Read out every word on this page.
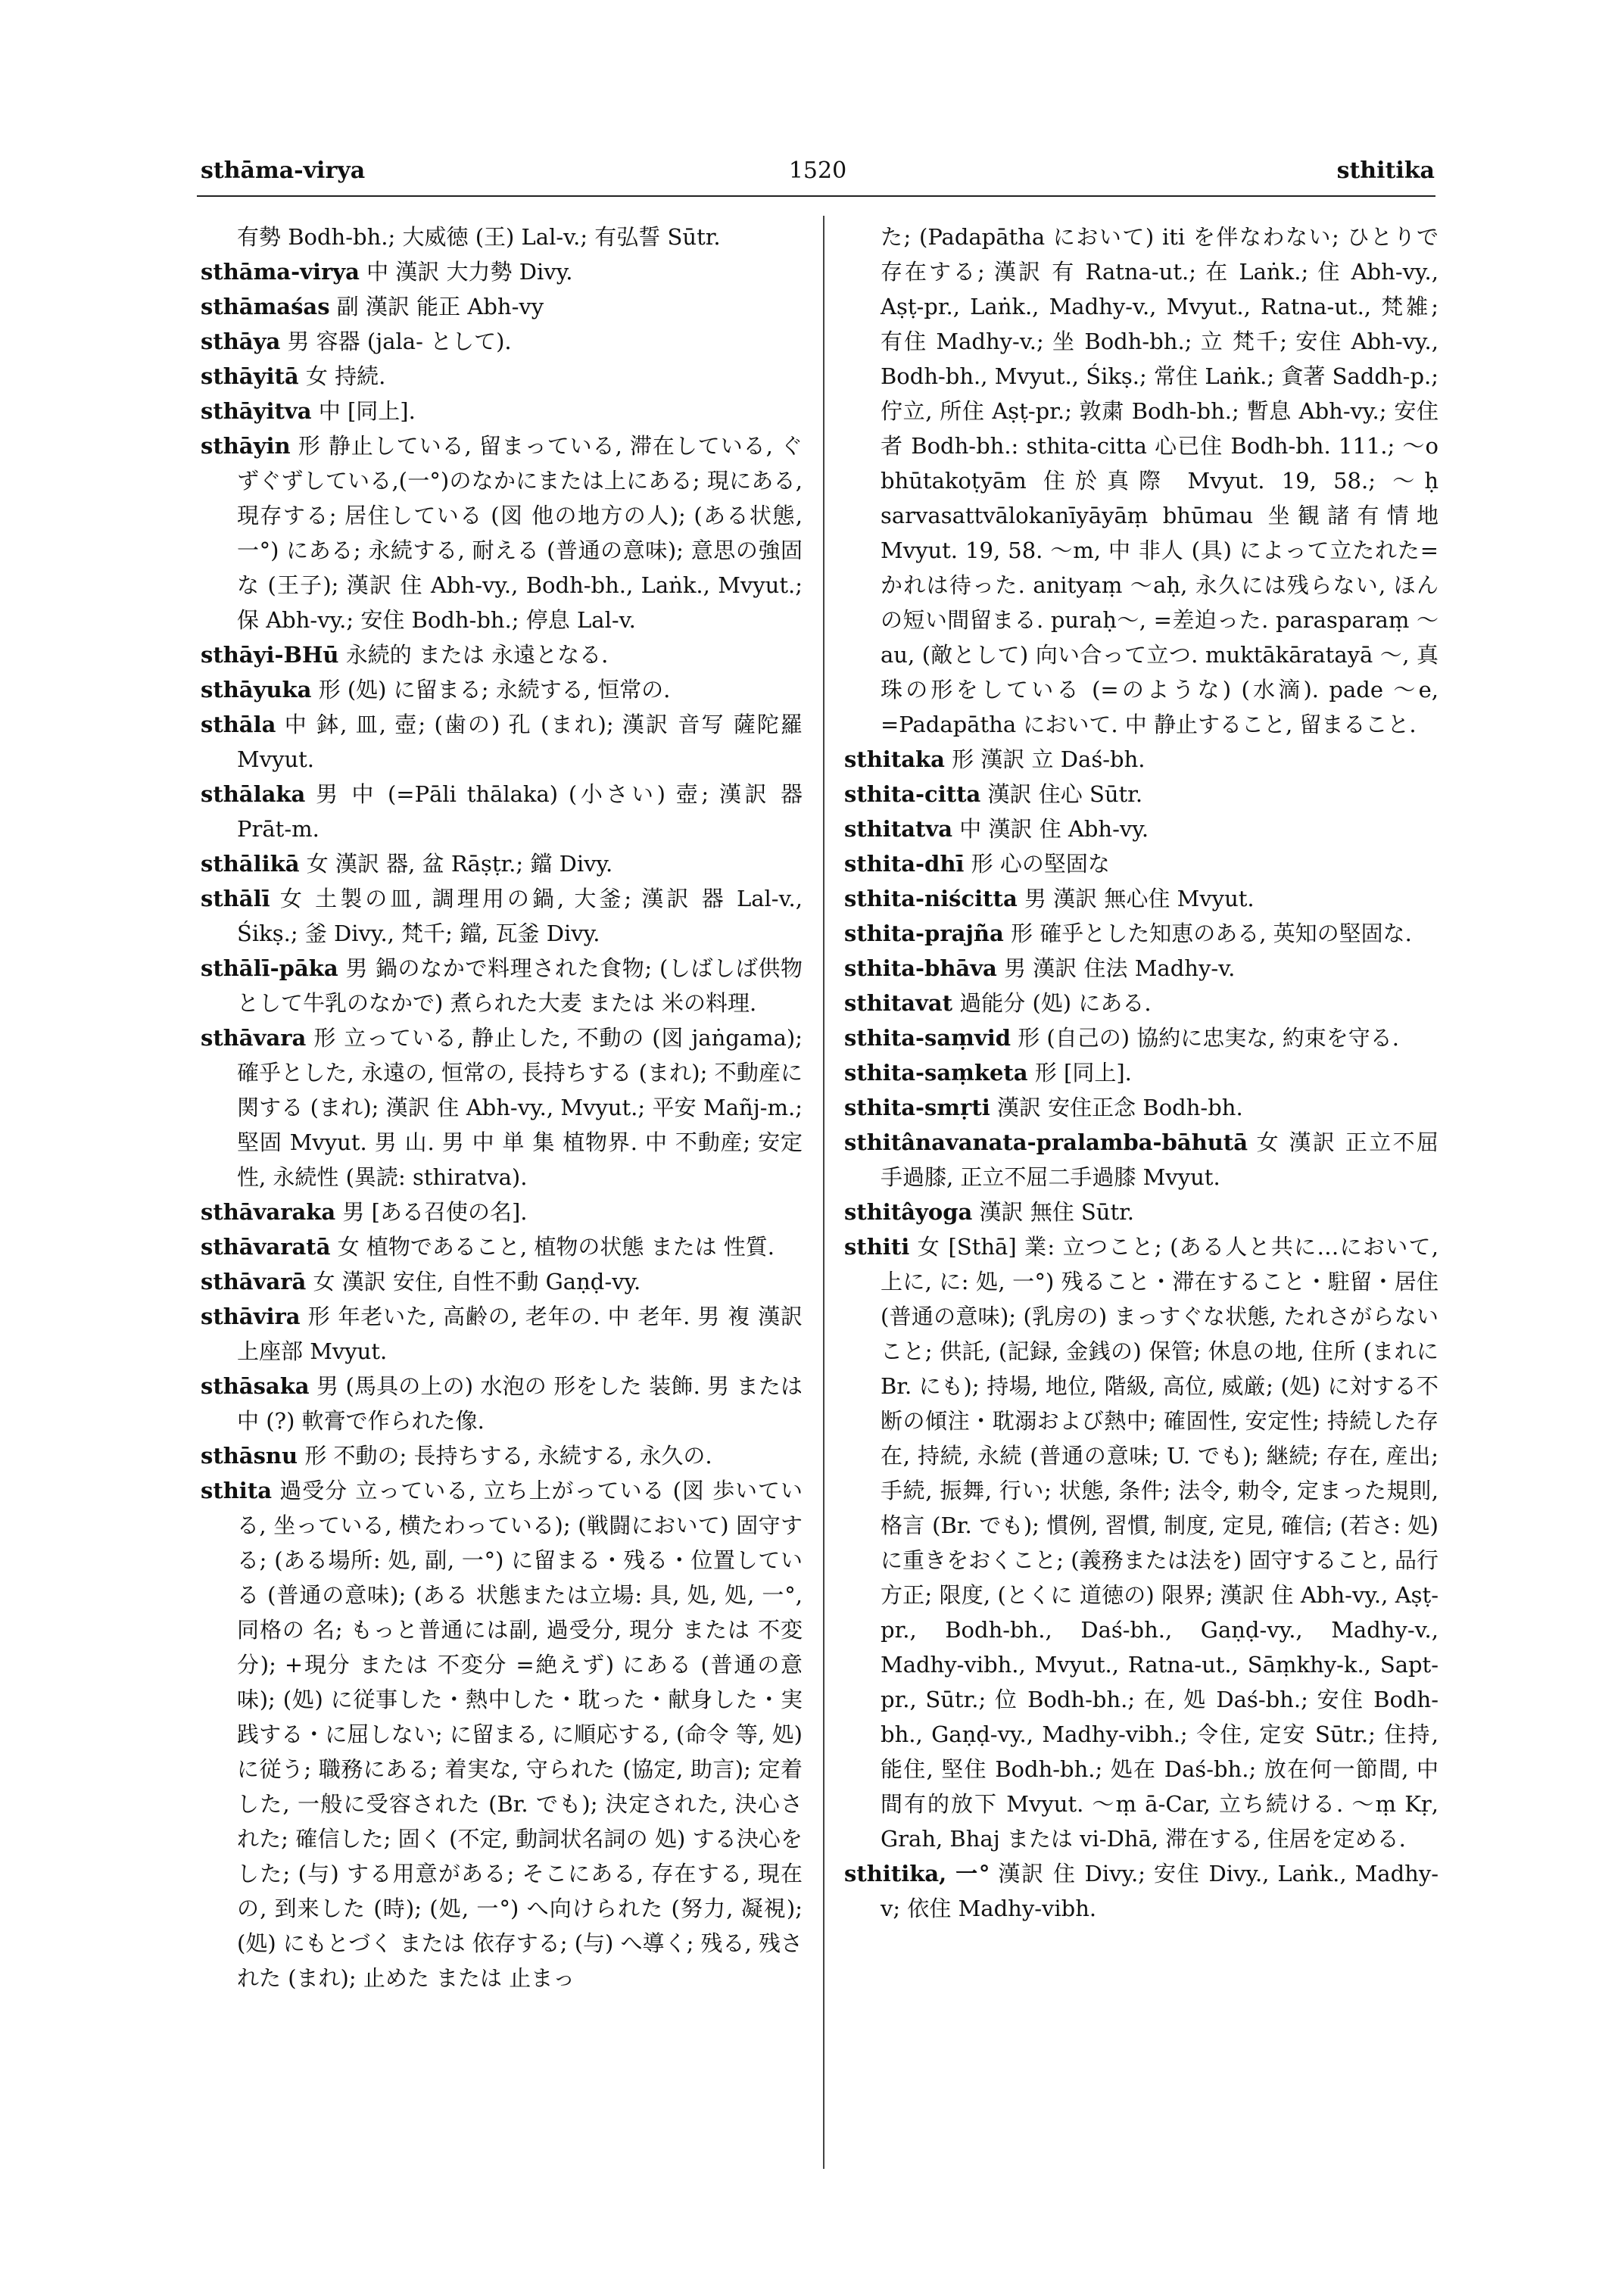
sthāma-virya	1520	sthitika

有勢 Bodh-bh.; 大威徳 (王) Lal-v.; 有弘誓 Sūtr.

sthāma-virya 中 漢訳 大力勢 Divy.

sthāmaśas 副 漢訳 能正 Abh-vy

sthāya 男 容器 (jala- として).

sthāyitā 女 持続.

sthāyitva 中 [同上].

sthāyin 形 静止している, 留まっている, 滞在している, ぐずぐずしている,(一°)のなかにまたは上にある; 現にある, 現存する; 居住している (図 他の地方の人); (ある状態, 一°) にある; 永続する, 耐える (普通の意味); 意思の強固な (王子); 漢訳 住 Abh-vy., Bodh-bh., Laṅk., Mvyut.; 保 Abh-vy.; 安住 Bodh-bh.; 停息 Lal-v.

sthāyi-BHū 永続的 または 永遠となる.

sthāyuka 形 (処) に留まる; 永続する, 恒常の.

sthāla 中 鉢, 皿, 壺; (歯の) 孔 (まれ); 漢訳 音写 薩陀羅 Mvyut.

sthālaka 男 中 (=Pāli thālaka) (小さい) 壺; 漢訳 器 Prāt-m.

sthālikā 女 漢訳 器, 盆 Rāṣṭr.; 鐺 Divy.

sthālī 女 土製の皿, 調理用の鍋, 大釜; 漢訳 器 Lal-v., Śikṣ.; 釜 Divy., 梵千; 鐺, 瓦釜 Divy.

sthālī-pāka 男 鍋のなかで料理された食物; (しばしば供物として牛乳のなかで) 煮られた大麦 または 米の料理.

sthāvara 形 立っている, 静止した, 不動の (図 jaṅgama); 確乎とした, 永遠の, 恒常の, 長持ちする (まれ); 不動産に関する (まれ); 漢訳 住 Abh-vy., Mvyut.; 平安 Mañj-m.; 堅固 Mvyut. 男 山. 男 中 単 集 植物界. 中 不動産; 安定性, 永続性 (異読: sthiratva).

sthāvaraka 男 [ある召使の名].

sthāvaratā 女 植物であること, 植物の状態 または 性質.

sthāvarā 女 漢訳 安住, 自性不動 Gaṇḍ-vy.

sthāvira 形 年老いた, 高齢の, 老年の. 中 老年. 男 複 漢訳 上座部 Mvyut.

sthāsaka 男 (馬具の上の) 水泡の 形をした 装飾. 男 または 中 (?) 軟膏で作られた像.

sthāsnu 形 不動の; 長持ちする, 永続する, 永久の.

sthita 過受分 立っている, 立ち上がっている (図 歩いている, 坐っている, 横たわっている); (戦闘において) 固守する; (ある場所: 処, 副, 一°) に留まる・残る・位置している (普通の意味); (ある 状態または立場: 具, 処, 処, 一°, 同格の 名; もっと普通には副, 過受分, 現分 または 不変分); +現分 または 不変分 =絶えず) にある (普通の意味); (処) に従事した・熱中した・耽った・献身した・実践する・に屈しない; に留まる, に順応する, (命令 等, 処) に従う; 職務にある; 着実な, 守られた (協定, 助言); 定着した, 一般に受容された (Br. でも); 決定された, 決心された; 確信した; 固く (不定, 動詞状名詞の 処) する決心をした; (与) する用意がある; そこにある, 存在する, 現在の, 到来した (時); (処, 一°) へ向けられた (努力, 凝視); (処) にもとづく または 依存する; (与) へ導く; 残る, 残された (まれ); 止めた または 止まっ

た; (Padapātha において) iti を伴なわない; ひとりで存在する; 漢訳 有 Ratna-ut.; 在 Laṅk.; 住 Abh-vy., Aṣṭ-pr., Laṅk., Madhy-v., Mvyut., Ratna-ut., 梵雑; 有住 Madhy-v.; 坐 Bodh-bh.; 立 梵千; 安住 Abh-vy., Bodh-bh., Mvyut., Śikṣ.; 常住 Laṅk.; 貪著 Saddh-p.; 佇立, 所住 Aṣṭ-pr.; 敦粛 Bodh-bh.; 暫息 Abh-vy.; 安住者 Bodh-bh.: sthita-citta 心已住 Bodh-bh. 111.; ～o bhūtakoṭyām 住於真際 Mvyut. 19, 58.; ～ḥ sarvasattvālokanīyāyāṃ bhūmau 坐観諸有情地 Mvyut. 19, 58. ～m, 中 非人 (具) によって立たれた=かれは待った. anityaṃ ～aḥ, 永久には残らない, ほんの短い間留まる. puraḥ～, =差迫った. parasparaṃ ～au, (敵として) 向い合って立つ. muktākāratayā ～, 真珠の形をしている (=のような) (水滴). pade ～e, =Padapātha において. 中 静止すること, 留まること.

sthitaka 形 漢訳 立 Daś-bh.

sthita-citta 漢訳 住心 Sūtr.

sthitatva 中 漢訳 住 Abh-vy.

sthita-dhī 形 心の堅固な

sthita-niścitta 男 漢訳 無心住 Mvyut.

sthita-prajña 形 確乎とした知恵のある, 英知の堅固な.

sthita-bhāva 男 漢訳 住法 Madhy-v.

sthitavat 過能分 (処) にある.

sthita-saṃvid 形 (自己の) 協約に忠実な, 約束を守る.

sthita-saṃketa 形 [同上].

sthita-smṛti 漢訳 安住正念 Bodh-bh.

sthitânavanata-pralamba-bāhutā 女 漢訳 正立不屈手過膝, 正立不屈二手過膝 Mvyut.

sthitâyoga 漢訳 無住 Sūtr.

sthiti 女 [Sthā] 業: 立つこと; (ある人と共に…において, 上に, に: 処, 一°) 残ること・滞在すること・駐留・居住 (普通の意味); (乳房の) まっすぐな状態, たれさがらないこと; 供託, (記録, 金銭の) 保管; 休息の地, 住所 (まれに Br. にも); 持場, 地位, 階級, 高位, 威厳; (処) に対する不断の傾注・耽溺および熱中; 確固性, 安定性; 持続した存在, 持続, 永続 (普通の意味; U. でも); 継続; 存在, 産出; 手続, 振舞, 行い; 状態, 条件; 法令, 勅令, 定まった規則, 格言 (Br. でも); 慣例, 習慣, 制度, 定見, 確信; (若さ: 処) に重きをおくこと; (義務または法を) 固守すること, 品行方正; 限度, (とくに 道徳の) 限界; 漢訳 住 Abh-vy., Aṣṭ-pr., Bodh-bh., Daś-bh., Gaṇḍ-vy., Madhy-v., Madhy-vibh., Mvyut., Ratna-ut., Sāṃkhy-k., Sapt-pr., Sūtr.; 位 Bodh-bh.; 在, 処 Daś-bh.; 安住 Bodh-bh., Gaṇḍ-vy., Madhy-vibh.; 令住, 定安 Sūtr.; 住持, 能住, 堅住 Bodh-bh.; 処在 Daś-bh.; 放在何一節間, 中間有的放下 Mvyut. ～ṃ ā-Car, 立ち続ける. ～ṃ Kṛ, Grah, Bhaj または vi-Dhā, 滞在する, 住居を定める.

sthitika, 一° 漢訳 住 Divy.; 安住 Divy., Laṅk., Madhy-v; 依住 Madhy-vibh.
